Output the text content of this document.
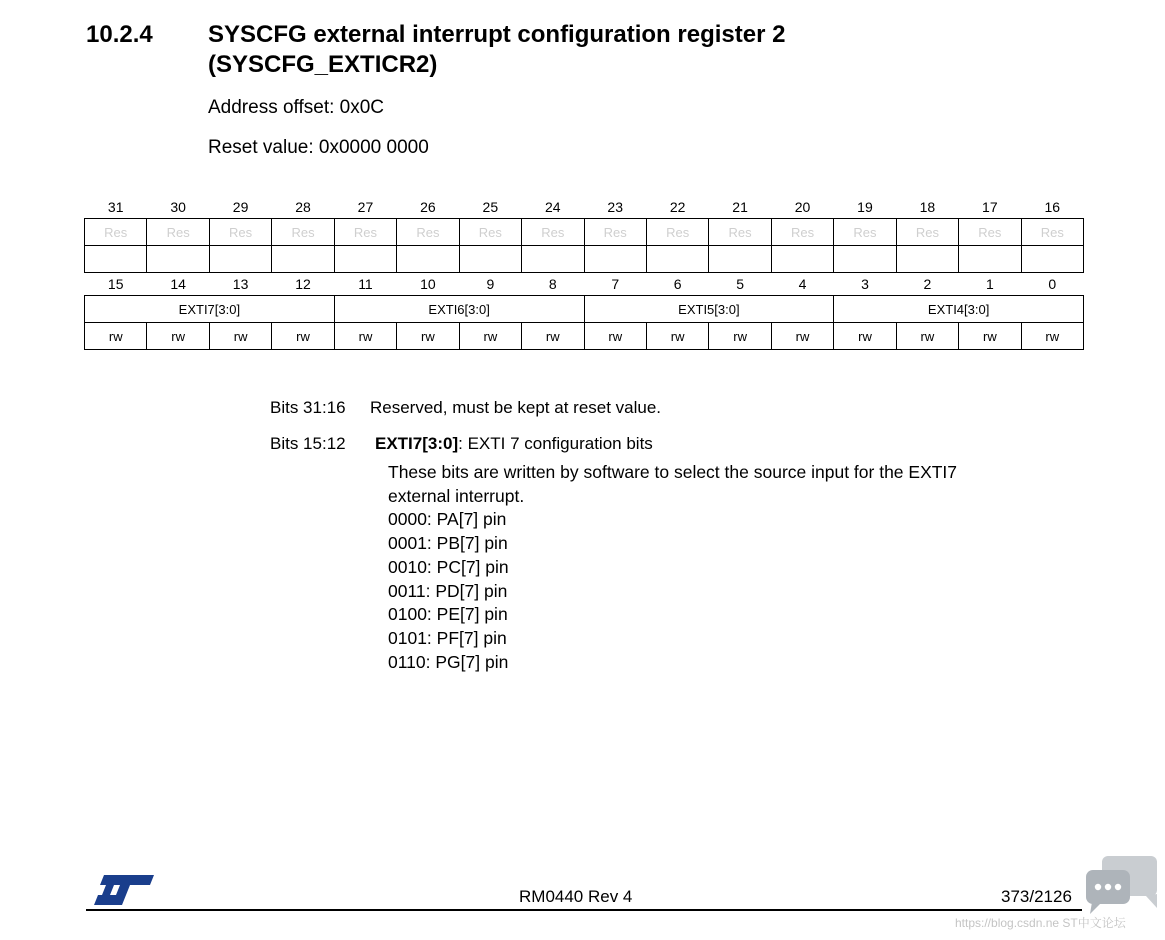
10.2.4 SYSCFG external interrupt configuration register 2
(SYSCFG_EXTICR2)
Address offset: 0x0C
Reset value: 0x0000 0000
31	30	29	28	27	26	25	24	23	22	21	20	19	18	17	16
Res	Res	Res	Res	Res	Res	Res	Res	Res	Res	Res	Res	Res	Res	Res	Res

15	14	13	12	11	10	9	8	7	6	5	4	3	2	1	0
EXTI7[3:0]				EXTI6[3:0]				EXTI5[3:0]				EXTI4[3:0]			
rw	rw	rw	rw	rw	rw	rw	rw	rw	rw	rw	rw	rw	rw	rw	rw
Bits 31:16 Reserved, must be kept at reset value.
Bits 15:12 EXTI7[3:0]: EXTI 7 configuration bits
These bits are written by software to select the source input for the EXTI7
external interrupt.
0000: PA[7] pin
0001: PB[7] pin
0010: PC[7] pin
0011: PD[7] pin
0100: PE[7] pin
0101: PF[7] pin
0110: PG[7] pin
RM0440 Rev 4	373/2126
https://blog.csdn.ne ST中文论坛
